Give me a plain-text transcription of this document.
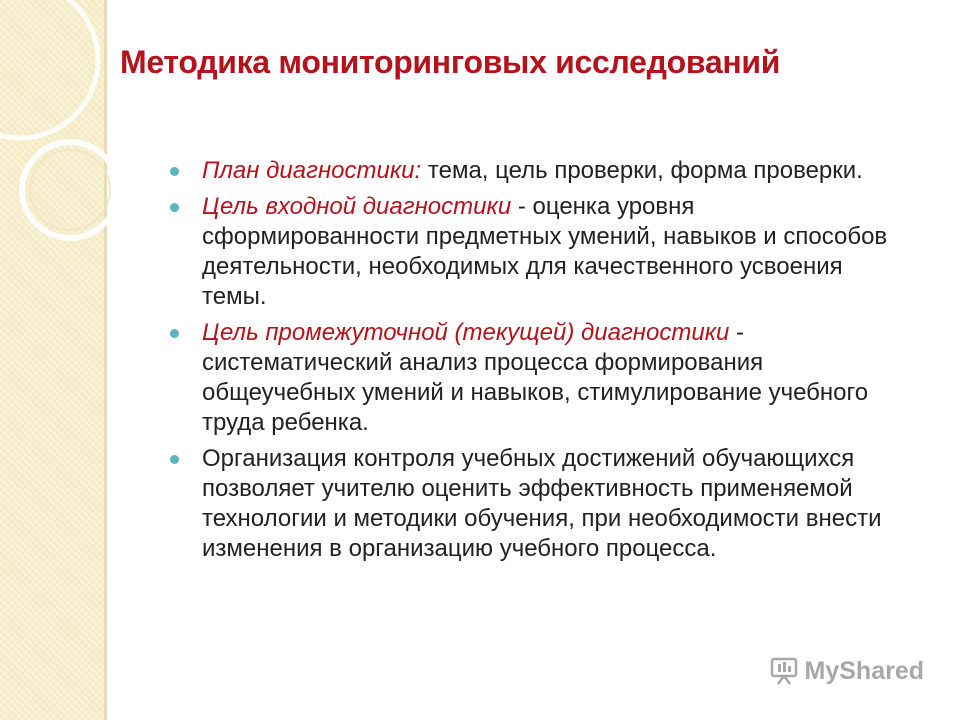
Методика мониторинговых исследований
План диагностики: тема, цель проверки, форма проверки.
Цель входной диагностики - оценка уровня сформированности предметных умений, навыков и способов деятельности, необходимых для качественного усвоения темы.
Цель промежуточной (текущей) диагностики - систематический анализ процесса формирования общеучебных умений и навыков, стимулирование учебного труда ребенка.
Организация контроля учебных достижений обучающихся позволяет учителю оценить эффективность применяемой технологии и методики обучения, при необходимости внести изменения в организацию учебного процесса.
MyShared
